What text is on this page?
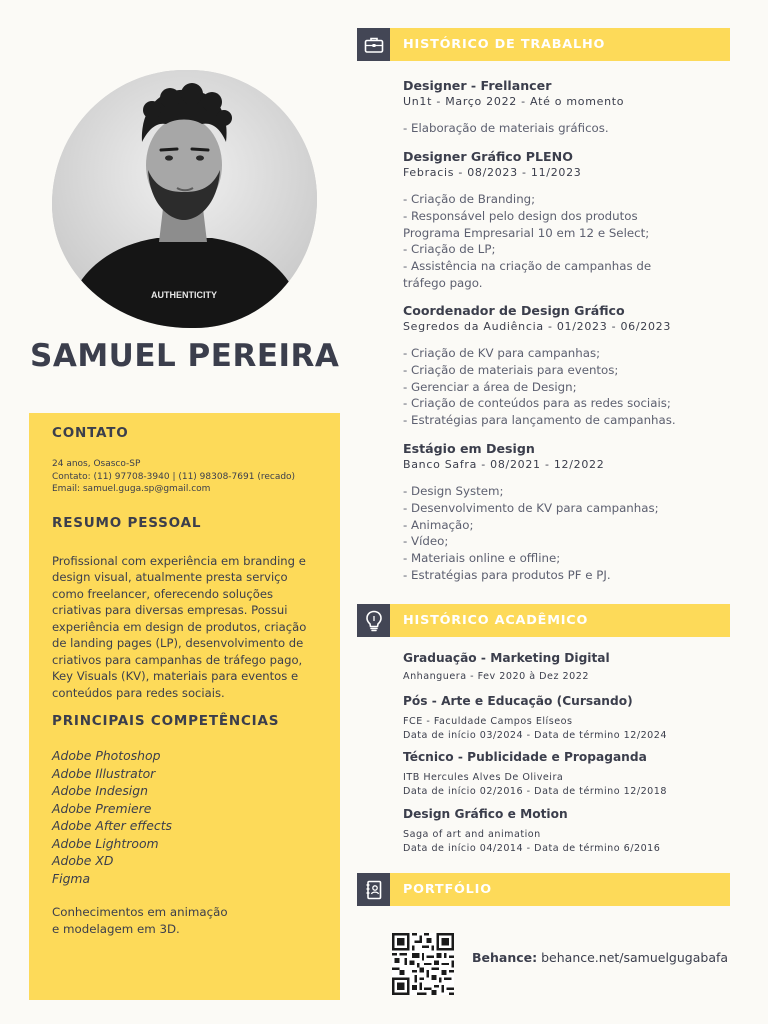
AUTHENTICITY
SAMUEL PEREIRA
CONTATO
24 anos, Osasco-SP
Contato: (11) 97708-3940 | (11) 98308-7691 (recado)
Email: samuel.guga.sp@gmail.com
RESUMO PESSOAL
Profissional com experiência em branding e design visual, atualmente presta serviço como freelancer, oferecendo soluções criativas para diversas empresas. Possui experiência em design de produtos, criação de landing pages (LP), desenvolvimento de criativos para campanhas de tráfego pago, Key Visuals (KV), materiais para eventos e conteúdos para redes sociais.
PRINCIPAIS COMPETÊNCIAS
Adobe Photoshop
Adobe Illustrator
Adobe Indesign
Adobe Premiere
Adobe After effects
Adobe Lightroom
Adobe XD
Figma
Conhecimentos em animação
e modelagem em 3D.
HISTÓRICO DE TRABALHO
Designer - Frellancer
Un1t - Março 2022 - Até o momento
- Elaboração de materiais gráficos.
Designer Gráfico PLENO
Febracis - 08/2023 - 11/2023
- Criação de Branding;
- Responsável pelo design dos produtos
Programa Empresarial 10 em 12 e Select;
- Criação de LP;
- Assistência na criação de campanhas de
tráfego pago.
Coordenador de Design Gráfico
Segredos da Audiência - 01/2023 - 06/2023
- Criação de KV para campanhas;
- Criação de materiais para eventos;
- Gerenciar a área de Design;
- Criação de conteúdos para as redes sociais;
- Estratégias para lançamento de campanhas.
Estágio em Design
Banco Safra - 08/2021 - 12/2022
- Design System;
- Desenvolvimento de KV para campanhas;
- Animação;
- Vídeo;
- Materiais online e offline;
- Estratégias para produtos PF e PJ.
HISTÓRICO ACADÊMICO
Graduação - Marketing Digital
Anhanguera - Fev 2020 à Dez 2022
Pós - Arte e Educação (Cursando)
FCE - Faculdade Campos Elíseos
Data de início 03/2024 - Data de término 12/2024
Técnico - Publicidade e Propaganda
ITB Hercules Alves De Oliveira
Data de início 02/2016 - Data de término 12/2018
Design Gráfico e Motion
Saga of art and animation
Data de início 04/2014 - Data de término 6/2016
PORTFÓLIO
Behance: behance.net/samuelgugabafa
